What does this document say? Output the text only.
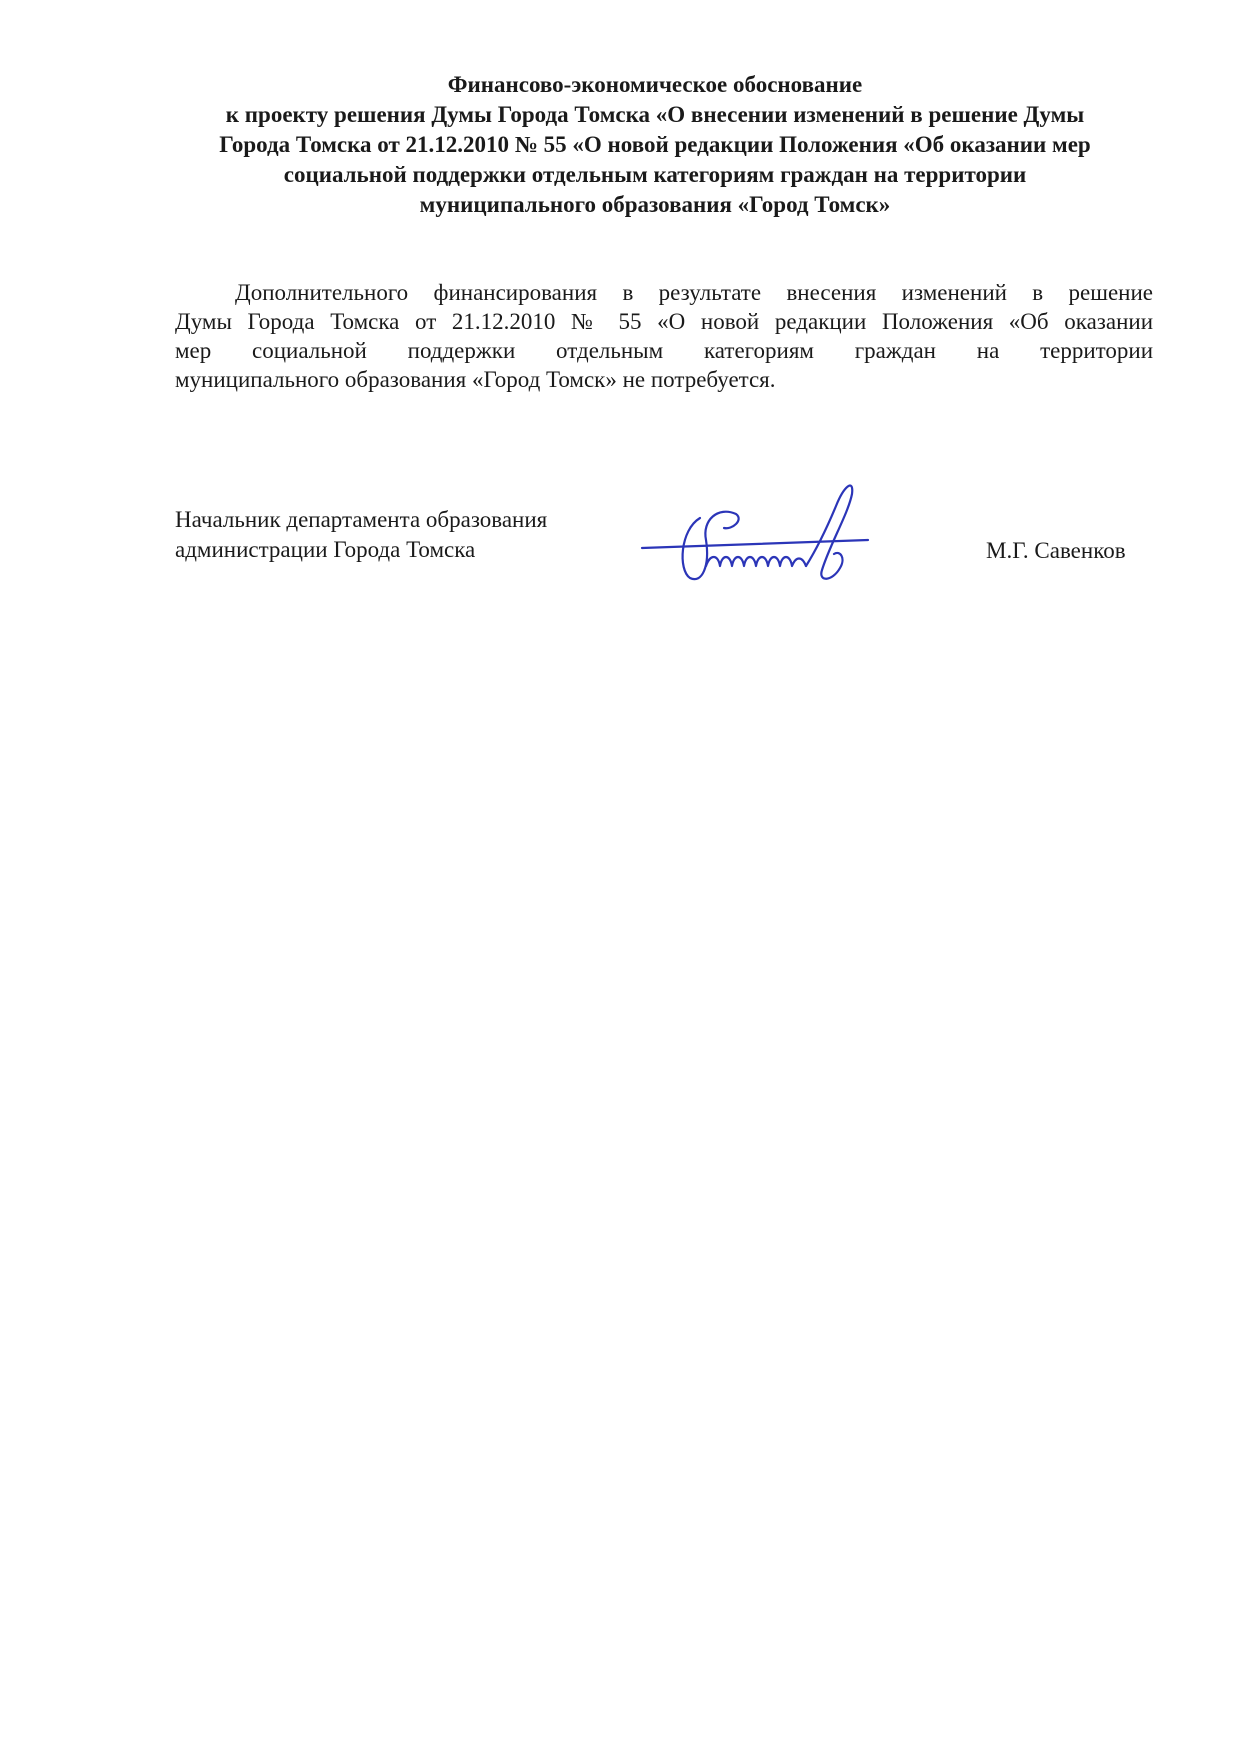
Финансово-экономическое обоснование
к проекту решения Думы Города Томска «О внесении изменений в решение Думы
Города Томска от 21.12.2010 № 55 «О новой редакции Положения «Об оказании мер
социальной поддержки отдельным категориям граждан на территории
муниципального образования «Город Томск»
Дополнительного финансирования в результате внесения изменений в решение
Думы Города Томска от 21.12.2010 № 55 «О новой редакции Положения «Об оказании
мер социальной поддержки отдельным категориям граждан на территории
муниципального образования «Город Томск» не потребуется.
Начальник департамента образования
администрации Города Томска	М.Г. Савенков
